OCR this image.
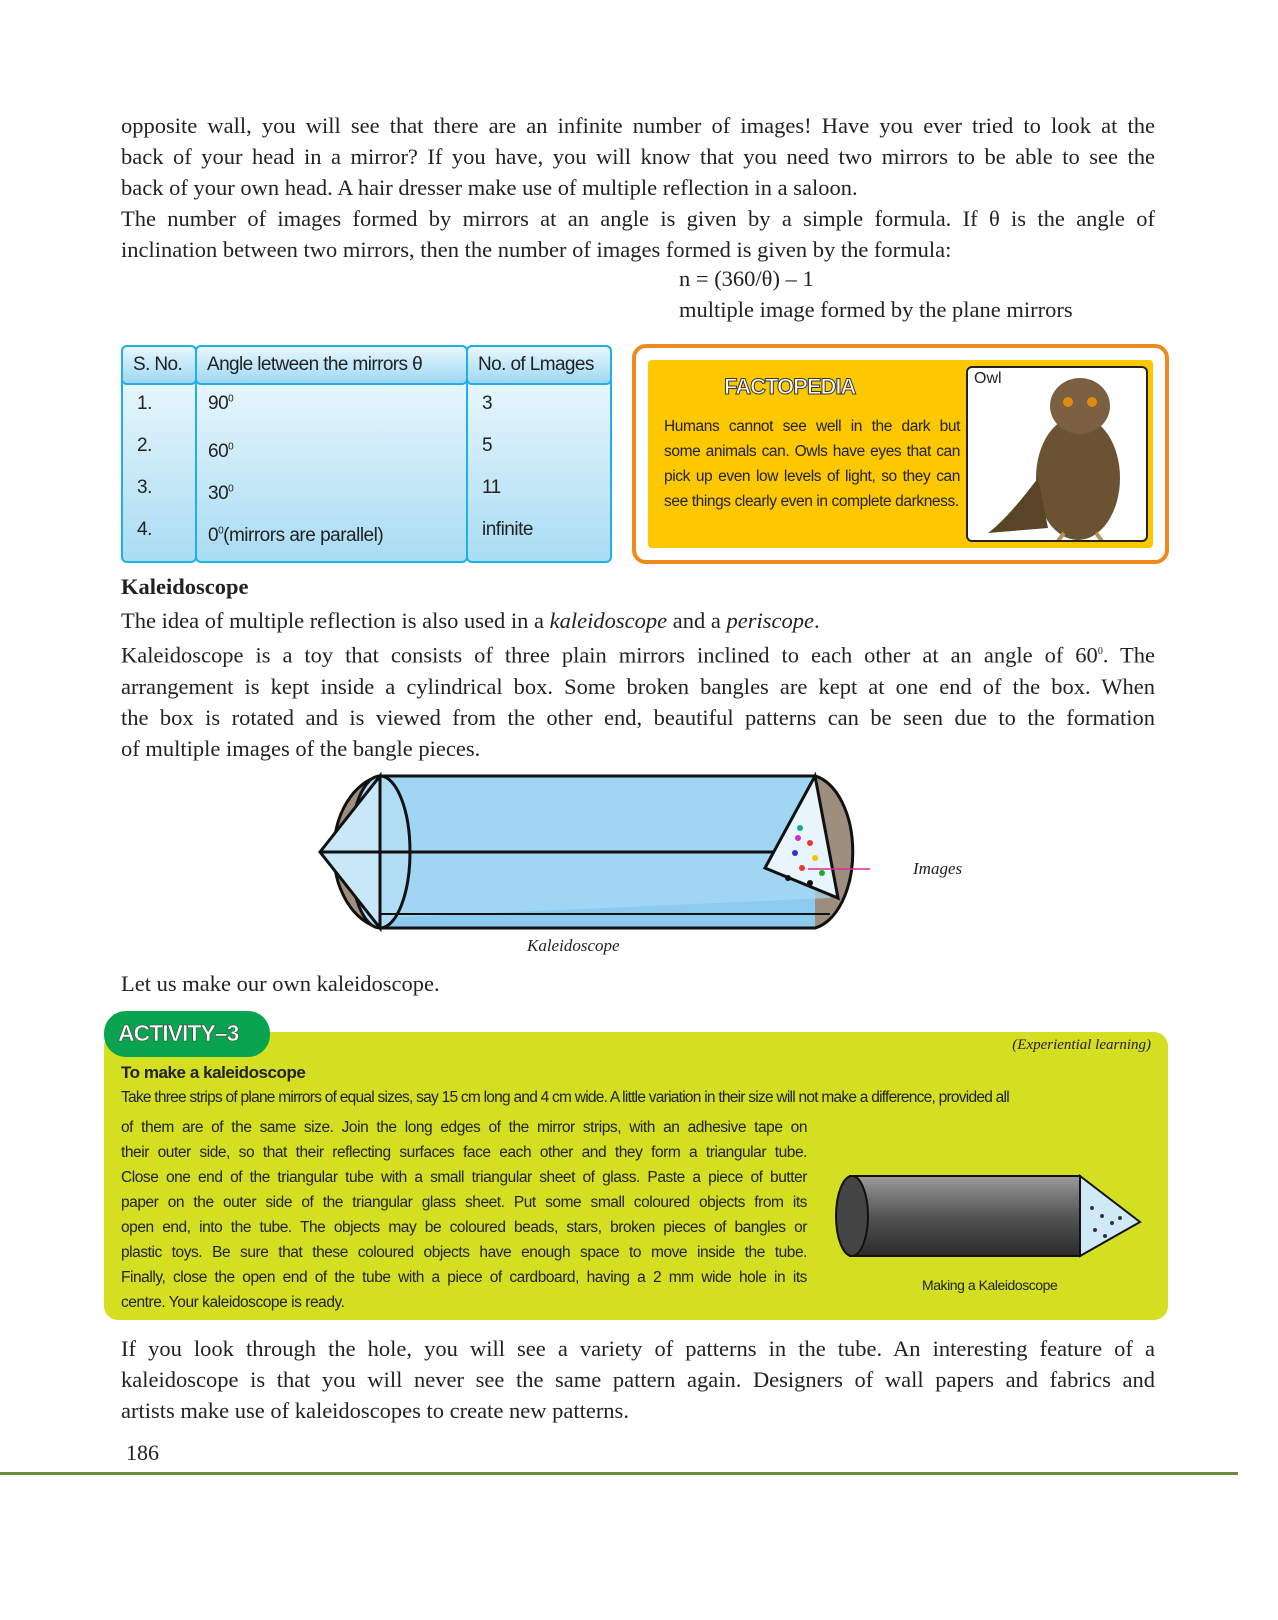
opposite wall, you will see that there are an infinite number of images! Have you ever tried to look at the
back of your head in a mirror? If you have, you will know that you need two mirrors to be able to see the
back of your own head. A hair dresser make use of multiple reflection in a saloon.
The number of images formed by mirrors at an angle is given by a simple formula. If θ is the angle of
inclination between two mirrors, then the number of images formed is given by the formula:
n = (360/θ) – 1
multiple image formed by the plane mirrors
S. No.	Angle letween the mirrors θ	No. of Lmages
1.	$90^0$	3
2.	$60^0$	5
3.	$30^0$	11
4.	$0^0(mirrors$ are parallel)	infinite
FACTOPEDIA
Humans cannot see well in the dark but some animals can. Owls have eyes that can pick up even low levels of light, so they can see things clearly even in complete darkness.
Owl
Kaleidoscope
The idea of multiple reflection is also used in a kaleidoscope and a periscope.
Kaleidoscope is a toy that consists of three plain mirrors inclined to each other at an angle of $60^0$. The
arrangement is kept inside a cylindrical box. Some broken bangles are kept at one end of the box. When
the box is rotated and is viewed from the other end, beautiful patterns can be seen due to the formation
of multiple images of the bangle pieces.
Images
Kaleidoscope
Let us make our own kaleidoscope.
ACTIVITY–3	(Experiential learning)
To make a kaleidoscope
Take three strips of plane mirrors of equal sizes, say 15 cm long and 4 cm wide. A little variation in their size will not make a difference, provided all
of them are of the same size. Join the long edges of the mirror strips, with an adhesive tape on
their outer side, so that their reflecting surfaces face each other and they form a triangular tube.
Close one end of the triangular tube with a small triangular sheet of glass. Paste a piece of butter
paper on the outer side of the triangular glass sheet. Put some small coloured objects from its
open end, into the tube. The objects may be coloured beads, stars, broken pieces of bangles or
plastic toys. Be sure that these coloured objects have enough space to move inside the tube.
Finally, close the open end of the tube with a piece of cardboard, having a 2 mm wide hole in its
centre. Your kaleidoscope is ready.
Making a Kaleidoscope
If you look through the hole, you will see a variety of patterns in the tube. An interesting feature of a
kaleidoscope is that you will never see the same pattern again. Designers of wall papers and fabrics and
artists make use of kaleidoscopes to create new patterns.
186
